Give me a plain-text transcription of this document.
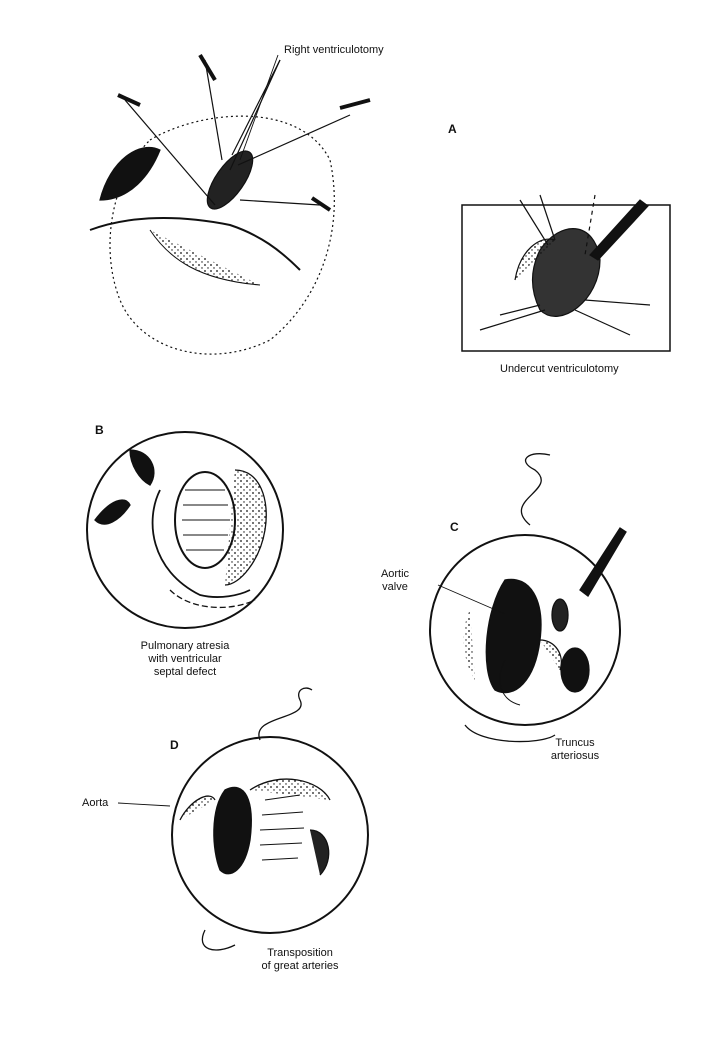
Right ventriculotomy
A
Undercut ventriculotomy
B
Pulmonary atresia
with ventricular
septal defect
C
Aortic
valve
Truncus
arteriosus
D
Aorta
Transposition
of great arteries
